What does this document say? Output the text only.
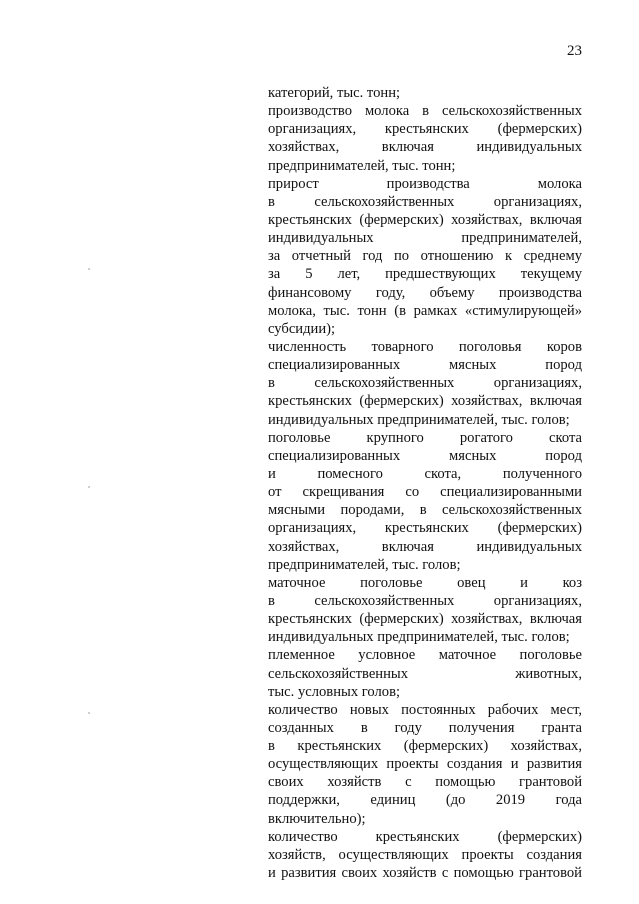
23
категорий, тыс. тонн;
производство молока в сельскохозяйственных
организациях, крестьянских (фермерских)
хозяйствах, включая индивидуальных
предпринимателей, тыс. тонн;
прирост производства молока
в сельскохозяйственных организациях,
крестьянских (фермерских) хозяйствах, включая
индивидуальных предпринимателей,
за отчетный год по отношению к среднему
за 5 лет, предшествующих текущему
финансовому году, объему производства
молока, тыс. тонн (в рамках «стимулирующей»
субсидии);
численность товарного поголовья коров
специализированных мясных пород
в сельскохозяйственных организациях,
крестьянских (фермерских) хозяйствах, включая
индивидуальных предпринимателей, тыс. голов;
поголовье крупного рогатого скота
специализированных мясных пород
и помесного скота, полученного
от скрещивания со специализированными
мясными породами, в сельскохозяйственных
организациях, крестьянских (фермерских)
хозяйствах, включая индивидуальных
предпринимателей, тыс. голов;
маточное поголовье овец и коз
в сельскохозяйственных организациях,
крестьянских (фермерских) хозяйствах, включая
индивидуальных предпринимателей, тыс. голов;
племенное условное маточное поголовье
сельскохозяйственных животных,
тыс. условных голов;
количество новых постоянных рабочих мест,
созданных в году получения гранта
в крестьянских (фермерских) хозяйствах,
осуществляющих проекты создания и развития
своих хозяйств с помощью грантовой
поддержки, единиц (до 2019 года
включительно);
количество крестьянских (фермерских)
хозяйств, осуществляющих проекты создания
и развития своих хозяйств с помощью грантовой
